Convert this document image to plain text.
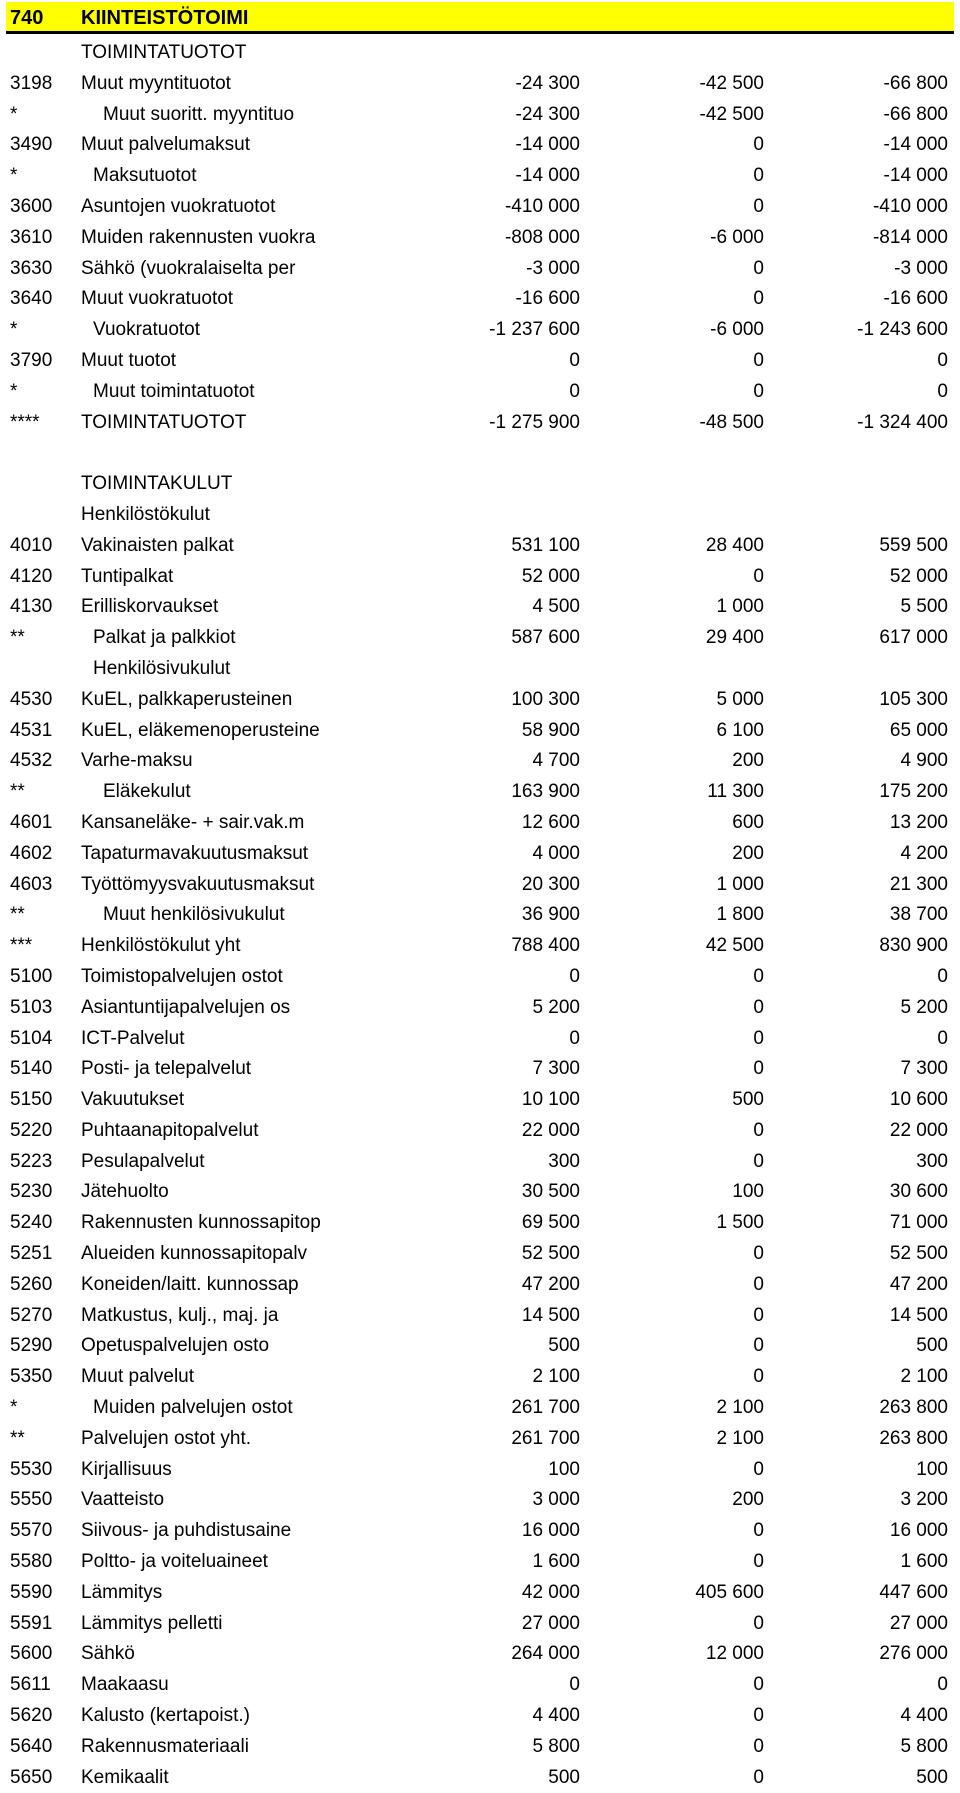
740 KIINTEISTÖTOIMI
TOIMINTATUOTOT
3198 Muut myyntituotot	-24 300	-42 500	-66 800
*	Muut suoritt. myyntituo	-24 300	-42 500	-66 800
3490 Muut palvelumaksut	-14 000	0	-14 000
*	Maksutuotot	-14 000	0	-14 000
3600 Asuntojen vuokratuotot	-410 000	0	-410 000
3610 Muiden rakennusten vuokra	-808 000	-6 000	-814 000
3630 Sähkö (vuokralaiselta per	-3 000	0	-3 000
3640 Muut vuokratuotot	-16 600	0	-16 600
*	Vuokratuotot	-1 237 600	-6 000	-1 243 600
3790 Muut tuotot	0	0	0
*	Muut toimintatuotot	0	0	0
**** TOIMINTATUOTOT	-1 275 900	-48 500	-1 324 400
TOIMINTAKULUT
Henkilöstökulut
4010 Vakinaisten palkat	531 100	28 400	559 500
4120 Tuntipalkat	52 000	0	52 000
4130 Erilliskorvaukset	4 500	1 000	5 500
**	Palkat ja palkkiot	587 600	29 400	617 000
Henkilösivukulut
4530 KuEL, palkkaperusteinen	100 300	5 000	105 300
4531 KuEL, eläkemenoperusteine	58 900	6 100	65 000
4532 Varhe-maksu	4 700	200	4 900
**	Eläkekulut	163 900	11 300	175 200
4601 Kansaneläke- + sair.vak.m	12 600	600	13 200
4602 Tapaturmavakuutusmaksut	4 000	200	4 200
4603 Työttömyysvakuutusmaksut	20 300	1 000	21 300
**	Muut henkilösivukulut	36 900	1 800	38 700
***	Henkilöstökulut yht	788 400	42 500	830 900
5100 Toimistopalvelujen ostot	0	0	0
5103 Asiantuntijapalvelujen os	5 200	0	5 200
5104 ICT-Palvelut	0	0	0
5140 Posti- ja telepalvelut	7 300	0	7 300
5150 Vakuutukset	10 100	500	10 600
5220 Puhtaanapitopalvelut	22 000	0	22 000
5223 Pesulapalvelut	300	0	300
5230 Jätehuolto	30 500	100	30 600
5240 Rakennusten kunnossapitop	69 500	1 500	71 000
5251 Alueiden kunnossapitopalv	52 500	0	52 500
5260 Koneiden/laitt. kunnossap	47 200	0	47 200
5270 Matkustus, kulj., maj. ja	14 500	0	14 500
5290 Opetuspalvelujen osto	500	0	500
5350 Muut palvelut	2 100	0	2 100
*	Muiden palvelujen ostot	261 700	2 100	263 800
**	Palvelujen ostot yht.	261 700	2 100	263 800
5530 Kirjallisuus	100	0	100
5550 Vaatteisto	3 000	200	3 200
5570 Siivous- ja puhdistusaine	16 000	0	16 000
5580 Poltto- ja voiteluaineet	1 600	0	1 600
5590 Lämmitys	42 000	405 600	447 600
5591 Lämmitys pelletti	27 000	0	27 000
5600 Sähkö	264 000	12 000	276 000
5611 Maakaasu	0	0	0
5620 Kalusto (kertapoist.)	4 400	0	4 400
5640 Rakennusmateriaali	5 800	0	5 800
5650 Kemikaalit	500	0	500
